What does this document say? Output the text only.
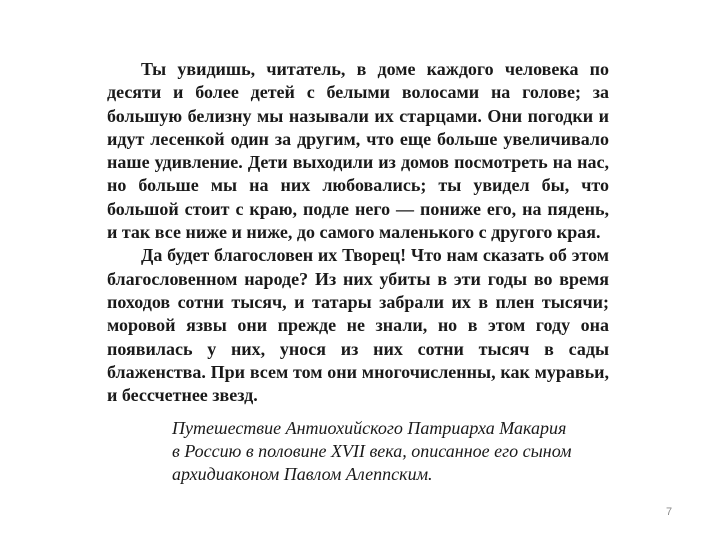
Ты увидишь, читатель, в доме каждого человека по десяти и более детей с белыми волосами на голове; за большую белизну мы называли их старцами. Они погодки и идут лесенкой один за другим, что еще больше увеличивало наше удивление. Дети выходили из домов посмотреть на нас, но больше мы на них любовались; ты увидел бы, что большой стоит с краю, подле него — пониже его, на пядень, и так все ниже и ниже, до самого маленького с другого края.

Да будет благословен их Творец! Что нам сказать об этом благословенном народе? Из них убиты в эти годы во время походов сотни тысяч, и татары забрали их в плен тысячи; моровой язвы они прежде не знали, но в этом году она появилась у них, унося из них сотни тысяч в сады блаженства. При всем том они многочисленны, как муравьи, и бессчетнее звезд.

Путешествие Антиохийского Патриарха Макария
в Россию в половине XVII века, описанное его сыном
архидиаконом Павлом Алеппским.
7
